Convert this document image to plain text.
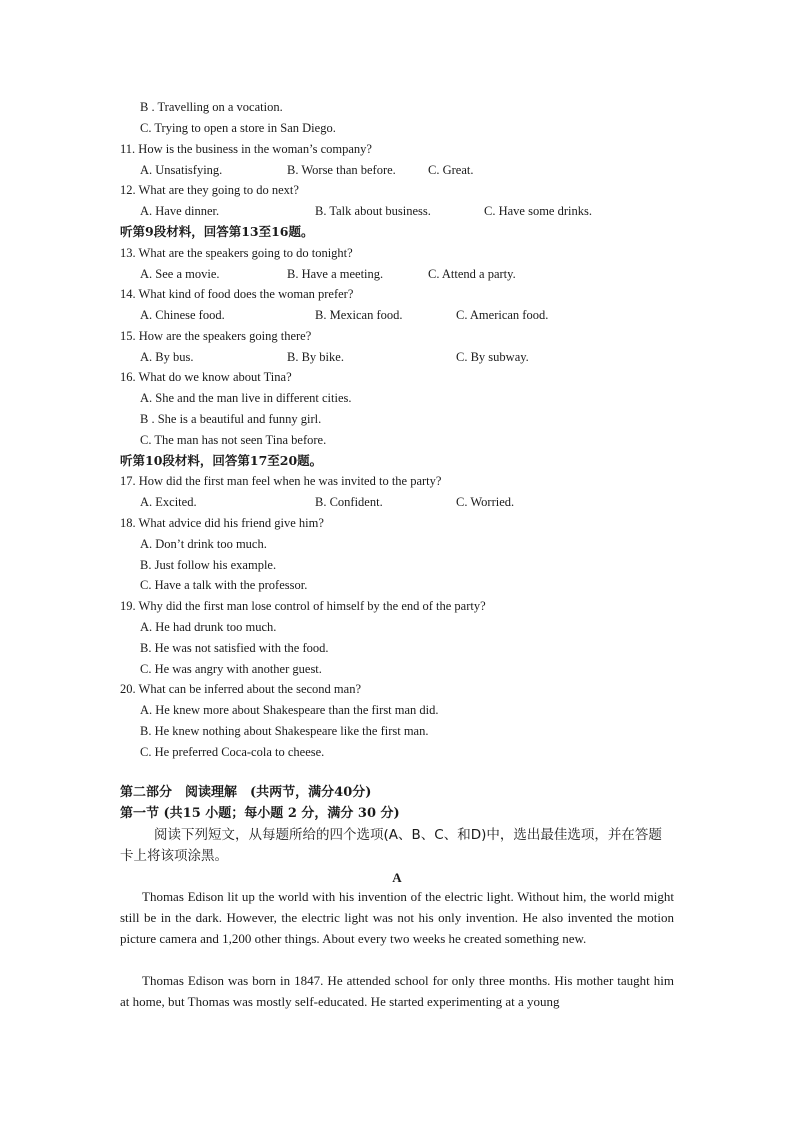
B . Travelling on a vocation.
C. Trying to open a store in San Diego.
11. How is the business in the woman’s company?
A. Unsatisfying.	B. Worse than before.	C. Great.
12. What are they going to do next?
A. Have dinner.	B. Talk about business.	C. Have some drinks.
听第9段材料，回答第13至16题。
13. What are the speakers going to do tonight?
A. See a movie.	B. Have a meeting.	C. Attend a party.
14. What kind of food does the woman prefer?
A. Chinese food.	B. Mexican food.	C. American food.
15. How are the speakers going there?
A. By bus.	B. By bike.	C. By subway.
16. What do we know about Tina?
A. She and the man live in different cities.
B . She is a beautiful and funny girl.
C. The man has not seen Tina before.
听第10段材料，回答第17至20题。
17. How did the first man feel when he was invited to the party?
A. Excited.	B. Confident.	C. Worried.
18. What advice did his friend give him?
A. Don’t drink too much.
B. Just follow his example.
C. Have a talk with the professor.
19. Why did the first man lose control of himself by the end of the party?
A. He had drunk too much.
B. He was not satisfied with the food.
C. He was angry with another guest.
20. What can be inferred about the second man?
A. He knew more about Shakespeare than the first man did.
B. He knew nothing about Shakespeare like the first man.
C. He preferred Coca-cola to cheese.
第二部分　阅读理解　(共两节，满分40分)
第一节 (共15 小题；每小题 2 分，满分 30 分)
阅读下列短文，从每题所给的四个选项(A、B、C、和D)中，选出最佳选项，并在答题卡上将该项涂黑。
A
Thomas Edison lit up the world with his invention of the electric light. Without him, the world might still be in the dark. However, the electric light was not his only invention. He also invented the motion picture camera and 1,200 other things. About every two weeks he created something new.
Thomas Edison was born in 1847. He attended school for only three months. His mother taught him at home, but Thomas was mostly self-educated. He started experimenting at a young
